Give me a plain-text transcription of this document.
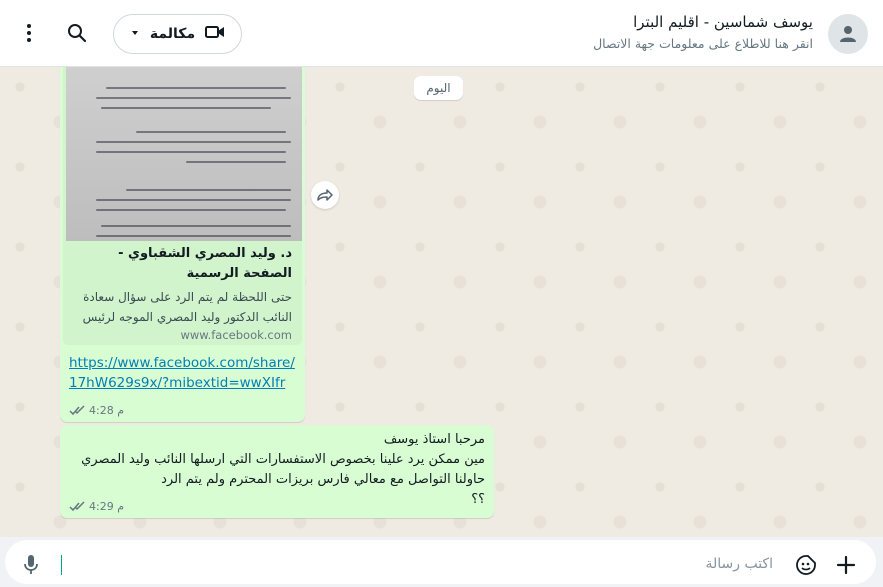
يوسف شماسين - اقليم البترا
انقر هنا للاطلاع على معلومات جهة الاتصال
مكالمة
اليوم
د. وليد المصري الشقباوي - الصفحة الرسمية
حتى اللحظة لم يتم الرد على سؤال سعادة النائب الدكتور وليد المصري الموجه لرئيس
www.facebook.com
https://www.facebook.com/share/17hW629s9x/?mibextid=wwXIfr
4:28 م
مرحبا استاذ يوسف
مين ممكن يرد علينا بخصوص الاستفسارات التي ارسلها النائب وليد المصري
حاولنا التواصل مع معالي فارس بريزات المحترم ولم يتم الرد
؟؟
4:29 م
اكتب رسالة
